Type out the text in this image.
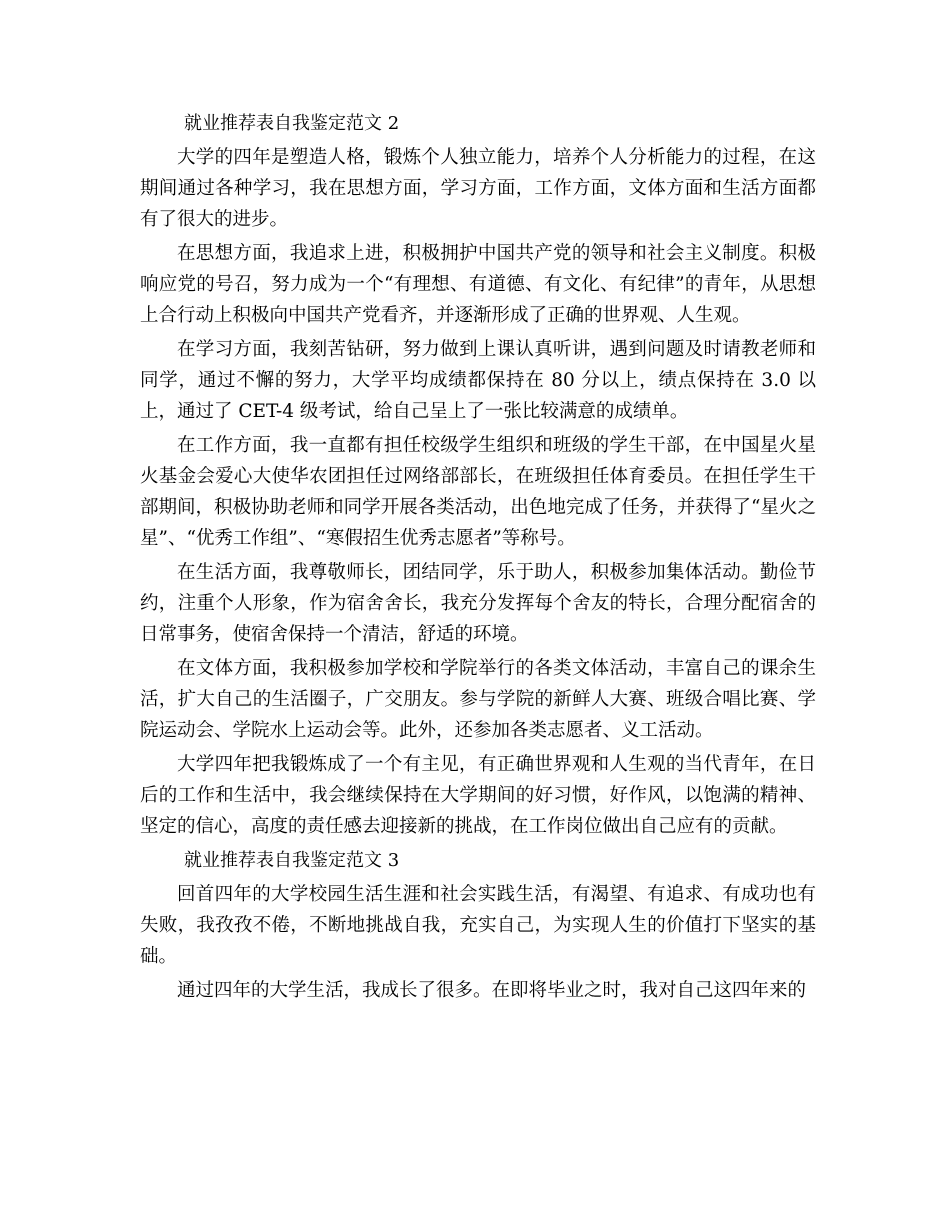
就业推荐表自我鉴定范文 2

大学的四年是塑造人格，锻炼个人独立能力，培养个人分析能力的过程，在这期间通过各种学习，我在思想方面，学习方面，工作方面，文体方面和生活方面都有了很大的进步。

在思想方面，我追求上进，积极拥护中国共产党的领导和社会主义制度。积极响应党的号召，努力成为一个“有理想、有道德、有文化、有纪律”的青年，从思想上合行动上积极向中国共产党看齐，并逐渐形成了正确的世界观、人生观。

在学习方面，我刻苦钻研，努力做到上课认真听讲，遇到问题及时请教老师和同学，通过不懈的努力，大学平均成绩都保持在 80 分以上，绩点保持在 3.0 以上，通过了 CET-4 级考试，给自己呈上了一张比较满意的成绩单。

在工作方面，我一直都有担任校级学生组织和班级的学生干部，在中国星火星火基金会爱心大使华农团担任过网络部部长，在班级担任体育委员。在担任学生干部期间，积极协助老师和同学开展各类活动，出色地完成了任务，并获得了“星火之星”、“优秀工作组”、“寒假招生优秀志愿者”等称号。

在生活方面，我尊敬师长，团结同学，乐于助人，积极参加集体活动。勤俭节约，注重个人形象，作为宿舍舍长，我充分发挥每个舍友的特长，合理分配宿舍的日常事务，使宿舍保持一个清洁，舒适的环境。

在文体方面，我积极参加学校和学院举行的各类文体活动，丰富自己的课余生活，扩大自己的生活圈子，广交朋友。参与学院的新鲜人大赛、班级合唱比赛、学院运动会、学院水上运动会等。此外，还参加各类志愿者、义工活动。

大学四年把我锻炼成了一个有主见，有正确世界观和人生观的当代青年，在日后的工作和生活中，我会继续保持在大学期间的好习惯，好作风，以饱满的精神、坚定的信心，高度的责任感去迎接新的挑战，在工作岗位做出自己应有的贡献。

就业推荐表自我鉴定范文 3

回首四年的大学校园生活生涯和社会实践生活，有渴望、有追求、有成功也有失败，我孜孜不倦，不断地挑战自我，充实自己，为实现人生的价值打下坚实的基础。

通过四年的大学生活，我成长了很多。在即将毕业之时，我对自己这四年来的
